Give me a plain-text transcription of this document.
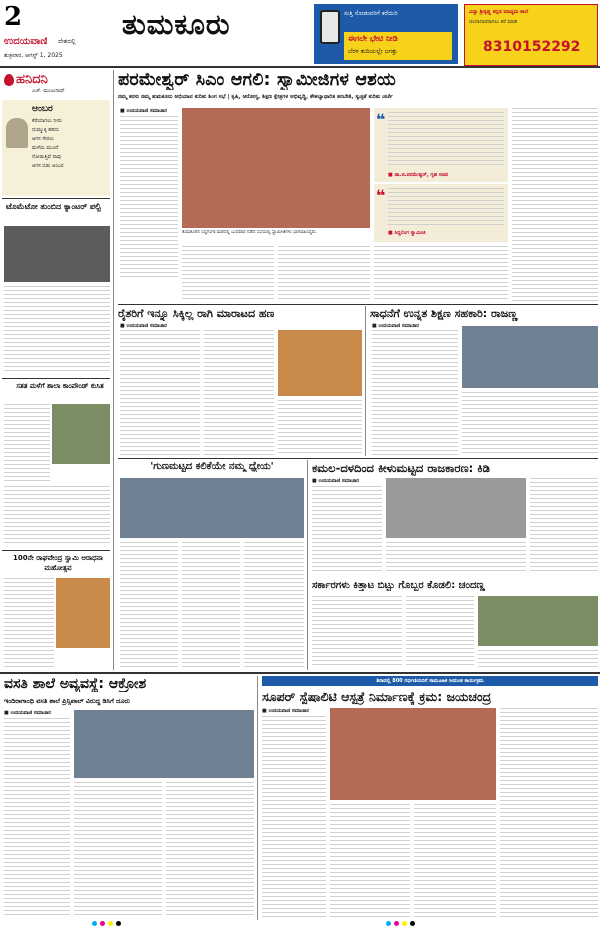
2
ಉದಯವಾಣಿ ದೇಶದಲ್ಲಿ
ಶುಕ್ರವಾರ, ಆಗಸ್ಟ್ 1, 2025
ತುಮಕೂರು	ಸುತ್ತಿ ಸೋಡುವರಿಗೆ ಕರೆಯಿರಿ
ಈಗಲೇ ಭೇಟಿ ನೀಡಿ
ಬೆರಳ ತುದಿಯಲ್ಲೇ ಜಗತ್ತು
ವಿದ್ಯಾ ಶ್ರೀಕೃಷ್ಣ ಕನ್ನಡ ಮಾಧ್ಯಮ ಶಾಲೆ
ಚಂದಾದಾರರಾಗಲು ಕರೆ ಮಾಡಿ
8310152292
ಹನಿದನಿ
ಎಚ್. ಮಂಜುನಾಥ್
ಆಂಬರ
ಕೆರೆಯಾಗಲು ನೀರು
ಧುಮ್ಮುಕ್ಕಿ ಹರಿದು
ಆಗಸ ಸೇರಲು
ಮಳೆಯ ಮುಂದೆ
ನೋಡುತ್ತಿವೆ ನಾವು
ಆಗಸ ಬಿಡು ಆಂಬರ
ಟೊಮೆಟೋ ತುಂಬಿದ ಕ್ಯಾಂಟರ್ ಪಲ್ಟಿ
ಸತತ ಮಳೆಗೆ ಶಾಲಾ ಕಾಂಪೌಂಡ್ ಕುಸಿತ
100ನೇ ರಾಘವೇಂದ್ರ ಸ್ವಾಮಿ ಆರಾಧನಾ ಮಹೋತ್ಸವ
ಪರಮೇಶ್ವರ್ ಸಿಎಂ ಆಗಲಿ: ಸ್ವಾಮೀಜಿಗಳ ಆಶಯ
ನಮ್ಮ ಕನಸು ನಮ್ಮ ತುಮಕೂರು ಅಭಿಯಾನ ಕುರಿತು ಶಿಂಗ ಸಭೆ | ಕೃಷಿ, ಆರೋಗ್ಯ, ಶಿಕ್ಷಣ ಕ್ಷೇತ್ರಗಳ ಅಭಿವೃದ್ಧಿ, ಕೌಶಲ್ಯಾಧಾರಿತ ತರಬೇತಿ, ಸ್ವಚ್ಛತೆ ಕುರಿತು ಚರ್ಚೆ
■ ಉದಯವಾಣಿ ಸಮಾಚಾರ
ತುಮಕೂರಿನ ಸಿದ್ದಗಂಗಾ ಮಠದಲ್ಲಿ ಬುಧವಾರ ನಡೆದ ಸಭೆಯಲ್ಲಿ ಸ್ವಾಮೀಜಿಗಳು ಭಾಗವಹಿಸಿದ್ದರು.
❝
■ ಡಾ.ಜಿ.ಪರಮೇಶ್ವರ್, ಗೃಹ ಸಚಿವ
❝
■ ಸಿದ್ದಲಿಂಗ ಸ್ವಾಮೀಜಿ
ರೈತರಿಗೆ ಇನ್ನೂ ಸಿಕ್ಕಿಲ್ಲ ರಾಗಿ ಮಾರಾಟದ ಹಣ
■ ಉದಯವಾಣಿ ಸಮಾಚಾರ
ಸಾಧನೆಗೆ ಉನ್ನತ ಶಿಕ್ಷಣ ಸಹಕಾರಿ: ರಾಜಣ್ಣ
■ ಉದಯವಾಣಿ ಸಮಾಚಾರ
'ಗುಣಮಟ್ಟದ ಕಲಿಕೆಯೇ ನಮ್ಮ ಧ್ಯೇಯ'	ಕಮಲ-ದಳದಿಂದ ಕೀಳುಮಟ್ಟದ ರಾಜಕಾರಣ: ಕಿಡಿ
■ ಉದಯವಾಣಿ ಸಮಾಚಾರ
ಸರ್ಕಾರಗಳು ಕಿತ್ತಾಟ ಬಿಟ್ಟು ಗೊಬ್ಬರ ಕೊಡಲಿ: ಚಂದಣ್ಣ
ವಸತಿ ಶಾಲೆ ಅವ್ಯವಸ್ಥೆ: ಆಕ್ರೋಶ
ಇಂದಿರಾಗಾಂಧಿ ವಸತಿ ಶಾಲೆ ಪ್ರಿನ್ಸಿಪಾಲ್ ವಿರುದ್ಧ ಡಿಸಿಗೆ ದೂರು
■ ಉದಯವಾಣಿ ಸಮಾಚಾರ
ಶಿರಾದಲ್ಲಿ 800 ಗರ್ಭಿಣಿಯರಿಗೆ ಸಾಮೂಹಿಕ ಸೀಮಂತ ಕಾರ್ಯಕ್ರಮ
ಸೂಪರ್ ಸ್ಪೆಷಾಲಿಟಿ ಆಸ್ಪತ್ರೆ ನಿರ್ಮಾಣಕ್ಕೆ ಕ್ರಮ: ಜಯಚಂದ್ರ
■ ಉದಯವಾಣಿ ಸಮಾಚಾರ
